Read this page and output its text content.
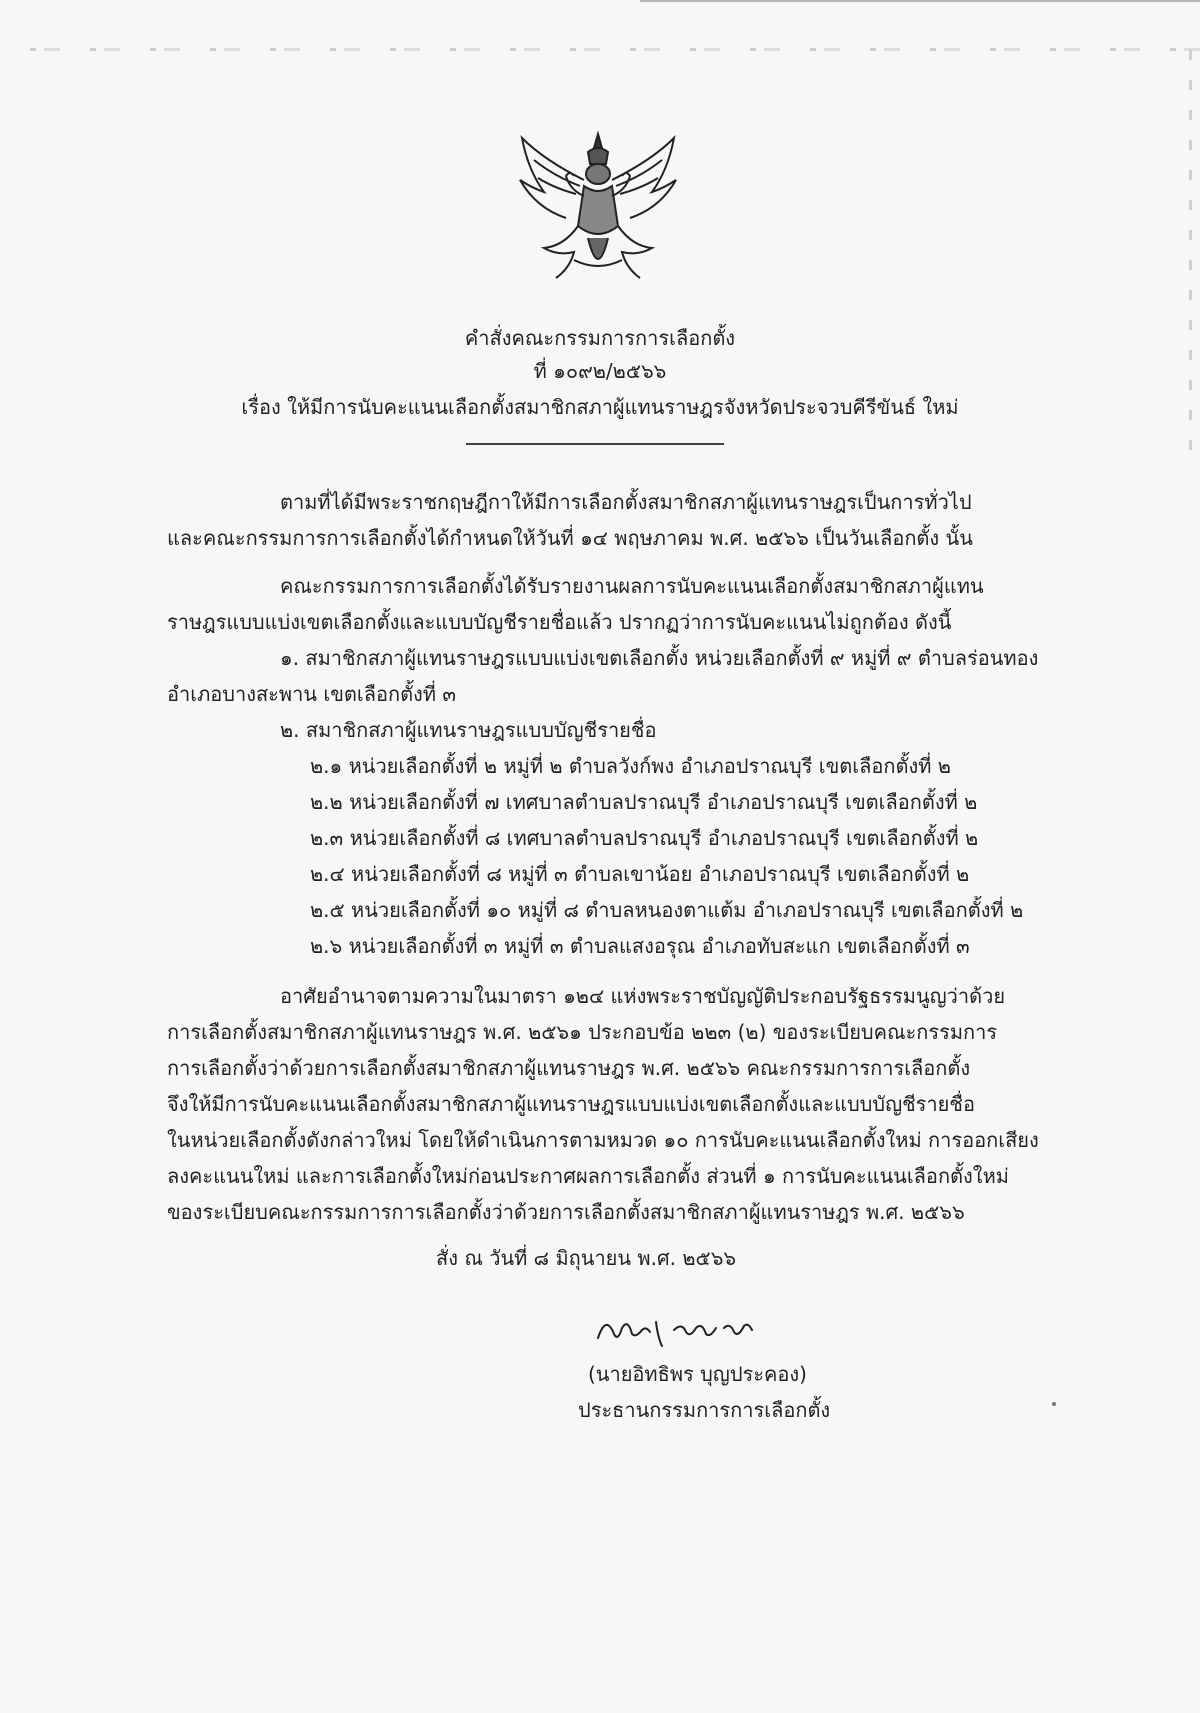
คำสั่งคณะกรรมการการเลือกตั้ง
ที่ ๑๐๙๒/๒๕๖๖
เรื่อง ให้มีการนับคะแนนเลือกตั้งสมาชิกสภาผู้แทนราษฎรจังหวัดประจวบคีรีขันธ์ ใหม่
ตามที่ได้มีพระราชกฤษฎีกาให้มีการเลือกตั้งสมาชิกสภาผู้แทนราษฎรเป็นการทั่วไป
และคณะกรรมการการเลือกตั้งได้กำหนดให้วันที่ ๑๔ พฤษภาคม พ.ศ. ๒๕๖๖ เป็นวันเลือกตั้ง นั้น
คณะกรรมการการเลือกตั้งได้รับรายงานผลการนับคะแนนเลือกตั้งสมาชิกสภาผู้แทน
ราษฎรแบบแบ่งเขตเลือกตั้งและแบบบัญชีรายชื่อแล้ว ปรากฏว่าการนับคะแนนไม่ถูกต้อง ดังนี้
๑. สมาชิกสภาผู้แทนราษฎรแบบแบ่งเขตเลือกตั้ง หน่วยเลือกตั้งที่ ๙ หมู่ที่ ๙ ตำบลร่อนทอง
อำเภอบางสะพาน เขตเลือกตั้งที่ ๓
๒. สมาชิกสภาผู้แทนราษฎรแบบบัญชีรายชื่อ
๒.๑ หน่วยเลือกตั้งที่ ๒ หมู่ที่ ๒ ตำบลวังก์พง อำเภอปราณบุรี เขตเลือกตั้งที่ ๒
๒.๒ หน่วยเลือกตั้งที่ ๗ เทศบาลตำบลปราณบุรี อำเภอปราณบุรี เขตเลือกตั้งที่ ๒
๒.๓ หน่วยเลือกตั้งที่ ๘ เทศบาลตำบลปราณบุรี อำเภอปราณบุรี เขตเลือกตั้งที่ ๒
๒.๔ หน่วยเลือกตั้งที่ ๘ หมู่ที่ ๓ ตำบลเขาน้อย อำเภอปราณบุรี เขตเลือกตั้งที่ ๒
๒.๕ หน่วยเลือกตั้งที่ ๑๐ หมู่ที่ ๘ ตำบลหนองตาแต้ม อำเภอปราณบุรี เขตเลือกตั้งที่ ๒
๒.๖ หน่วยเลือกตั้งที่ ๓ หมู่ที่ ๓ ตำบลแสงอรุณ อำเภอทับสะแก เขตเลือกตั้งที่ ๓
อาศัยอำนาจตามความในมาตรา ๑๒๔ แห่งพระราชบัญญัติประกอบรัฐธรรมนูญว่าด้วย
การเลือกตั้งสมาชิกสภาผู้แทนราษฎร พ.ศ. ๒๕๖๑ ประกอบข้อ ๒๒๓ (๒) ของระเบียบคณะกรรมการ
การเลือกตั้งว่าด้วยการเลือกตั้งสมาชิกสภาผู้แทนราษฎร พ.ศ. ๒๕๖๖ คณะกรรมการการเลือกตั้ง
จึงให้มีการนับคะแนนเลือกตั้งสมาชิกสภาผู้แทนราษฎรแบบแบ่งเขตเลือกตั้งและแบบบัญชีรายชื่อ
ในหน่วยเลือกตั้งดังกล่าวใหม่ โดยให้ดำเนินการตามหมวด ๑๐ การนับคะแนนเลือกตั้งใหม่ การออกเสียง
ลงคะแนนใหม่ และการเลือกตั้งใหม่ก่อนประกาศผลการเลือกตั้ง ส่วนที่ ๑ การนับคะแนนเลือกตั้งใหม่
ของระเบียบคณะกรรมการการเลือกตั้งว่าด้วยการเลือกตั้งสมาชิกสภาผู้แทนราษฎร พ.ศ. ๒๕๖๖
สั่ง ณ วันที่ ๘ มิถุนายน พ.ศ. ๒๕๖๖
(นายอิทธิพร บุญประคอง)
ประธานกรรมการการเลือกตั้ง
